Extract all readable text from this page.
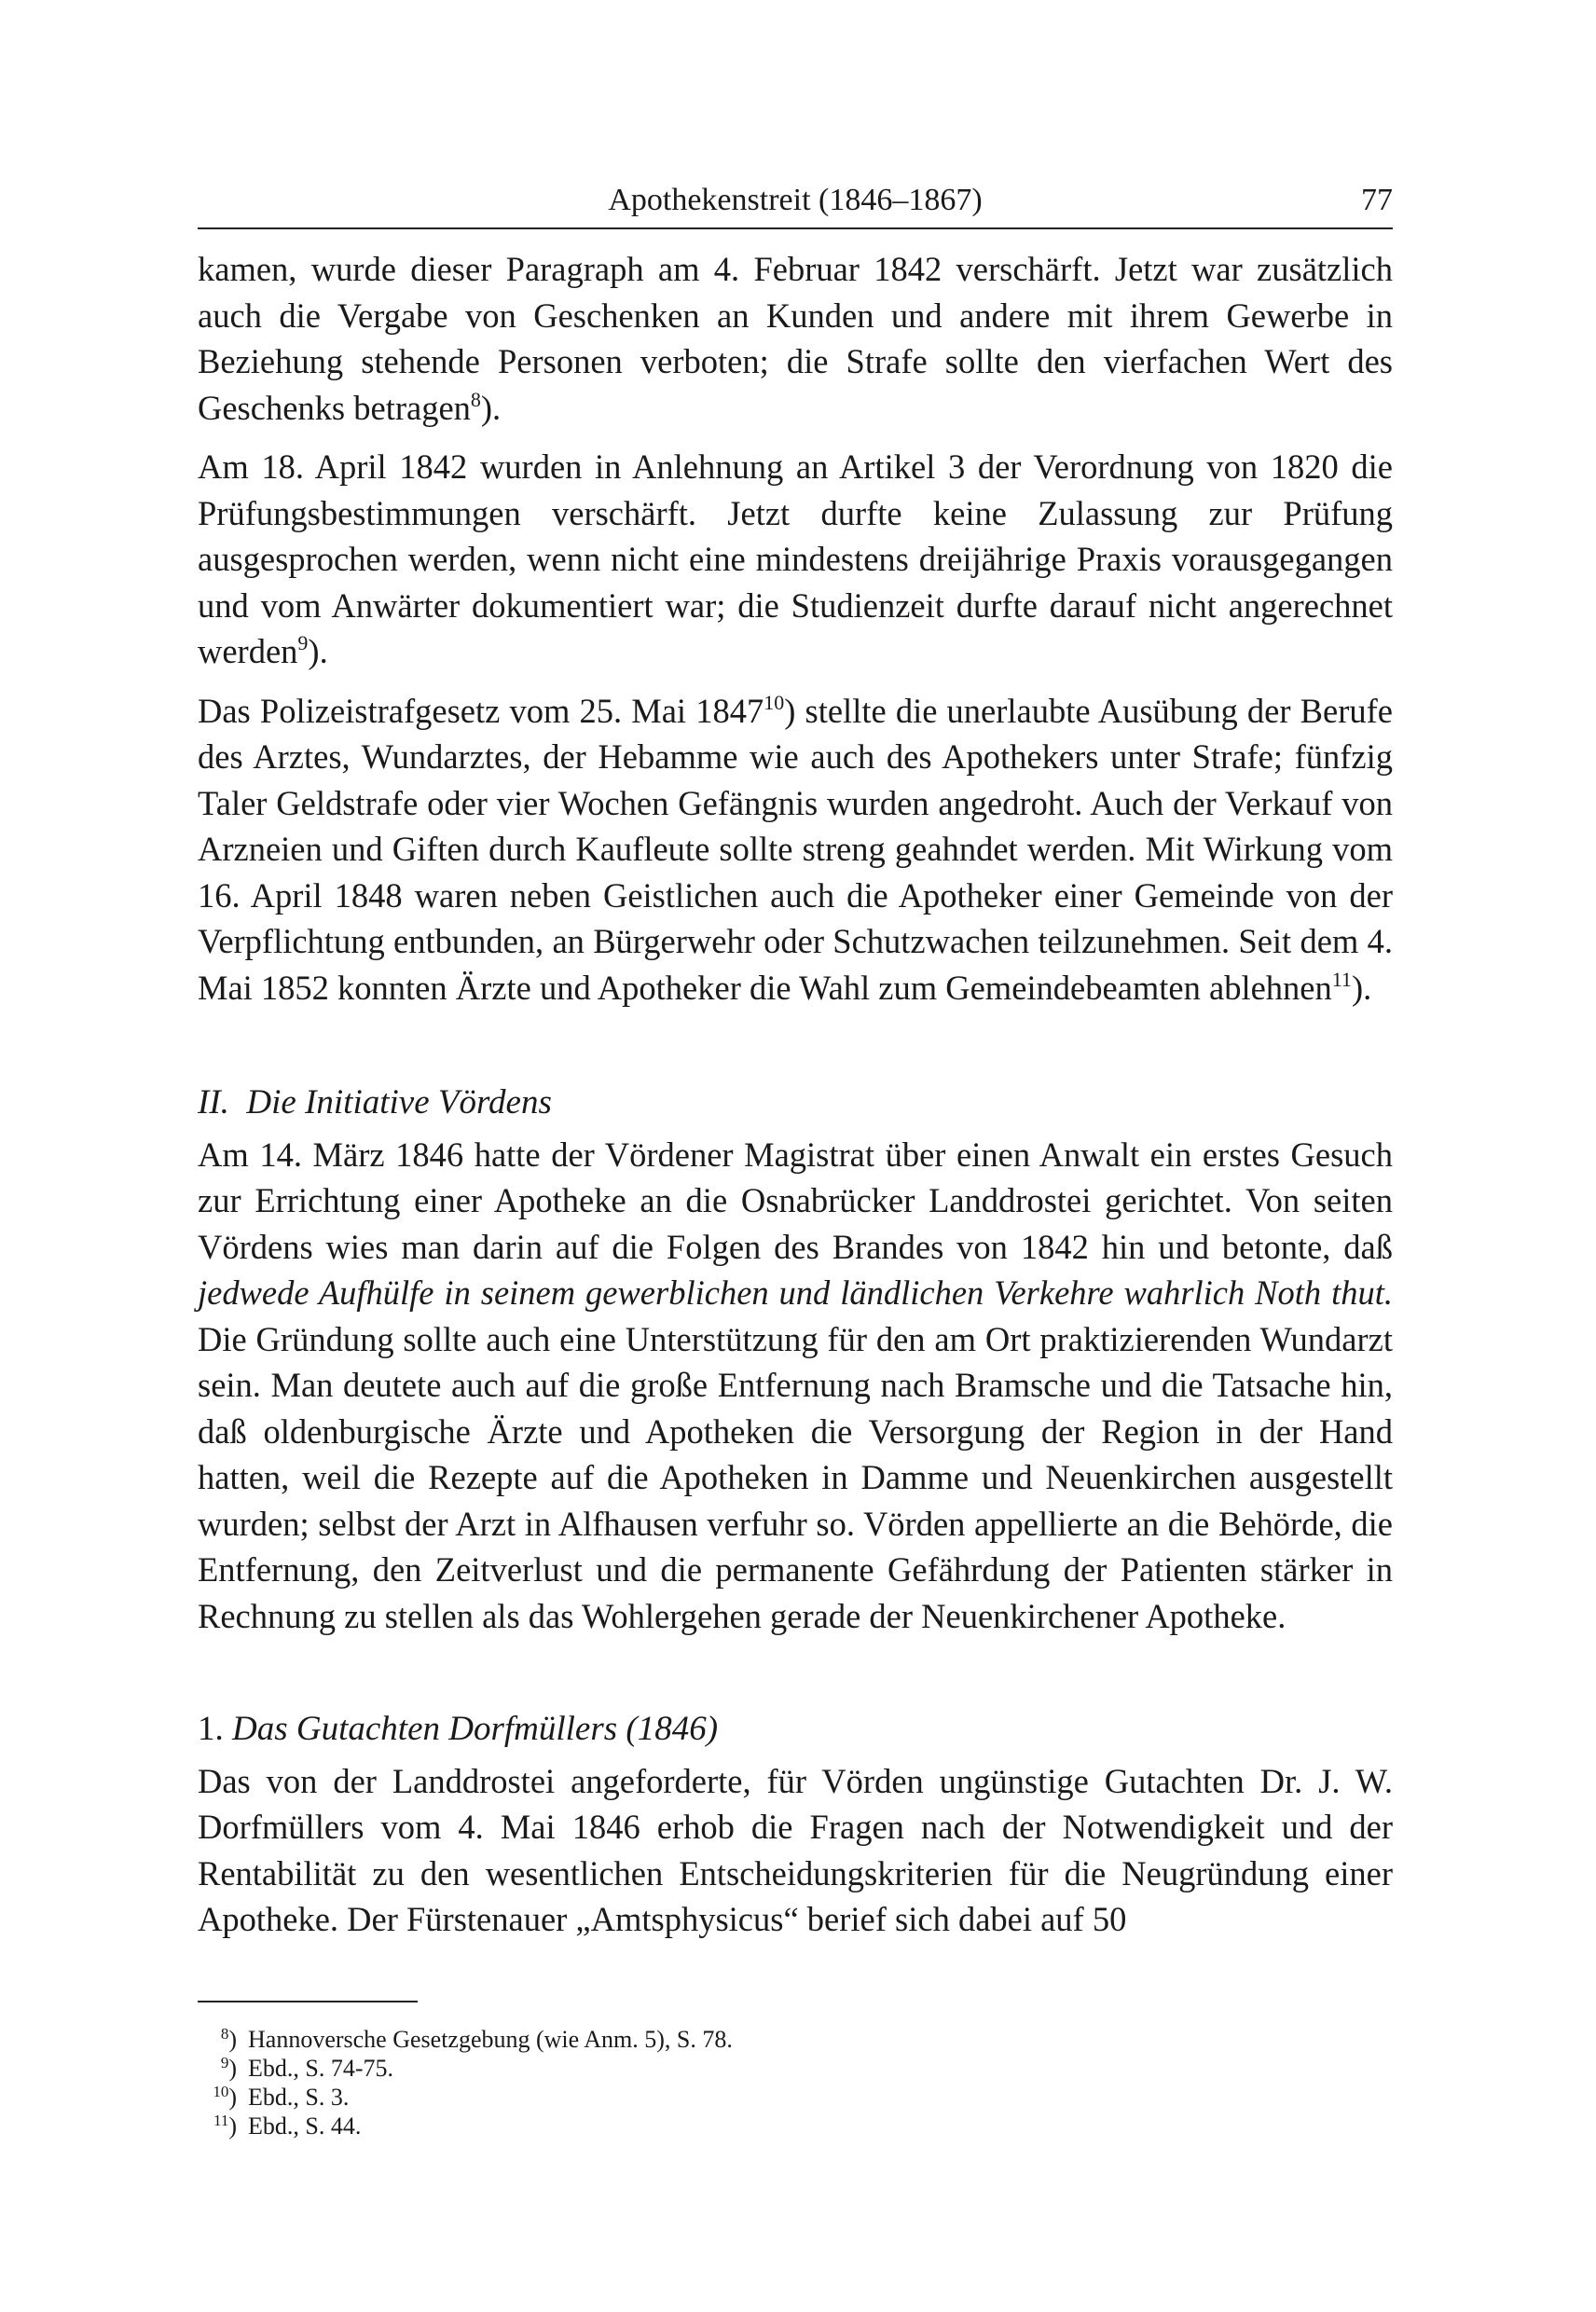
Apothekenstreit (1846–1867)	77

kamen, wurde dieser Paragraph am 4. Februar 1842 verschärft. Jetzt war zusätzlich auch die Vergabe von Geschenken an Kunden und andere mit ihrem Gewerbe in Beziehung stehende Personen verboten; die Strafe sollte den vierfachen Wert des Geschenks betragen$^8$).

Am 18. April 1842 wurden in Anlehnung an Artikel 3 der Verordnung von 1820 die Prüfungsbestimmungen verschärft. Jetzt durfte keine Zulassung zur Prüfung ausgesprochen werden, wenn nicht eine mindestens dreijährige Praxis vorausgegangen und vom Anwärter dokumentiert war; die Studienzeit durfte darauf nicht angerechnet werden$^9$).

Das Polizeistrafgesetz vom 25. Mai 1847$^{10}$) stellte die unerlaubte Ausübung der Berufe des Arztes, Wundarztes, der Hebamme wie auch des Apothekers unter Strafe; fünfzig Taler Geldstrafe oder vier Wochen Gefängnis wurden angedroht. Auch der Verkauf von Arzneien und Giften durch Kaufleute sollte streng geahndet werden. Mit Wirkung vom 16. April 1848 waren neben Geistlichen auch die Apotheker einer Gemeinde von der Verpflichtung entbunden, an Bürgerwehr oder Schutzwachen teilzunehmen. Seit dem 4. Mai 1852 konnten Ärzte und Apotheker die Wahl zum Gemeindebeamten ablehnen$^{11}$).

II. Die Initiative Vördens

Am 14. März 1846 hatte der Vördener Magistrat über einen Anwalt ein erstes Gesuch zur Errichtung einer Apotheke an die Osnabrücker Landdrostei gerichtet. Von seiten Vördens wies man darin auf die Folgen des Brandes von 1842 hin und betonte, daß jedwede Aufhülfe in seinem gewerblichen und ländlichen Verkehre wahrlich Noth thut. Die Gründung sollte auch eine Unterstützung für den am Ort praktizierenden Wundarzt sein. Man deutete auch auf die große Entfernung nach Bramsche und die Tatsache hin, daß oldenburgische Ärzte und Apotheken die Versorgung der Region in der Hand hatten, weil die Rezepte auf die Apotheken in Damme und Neuenkirchen ausgestellt wurden; selbst der Arzt in Alfhausen verfuhr so. Vörden appellierte an die Behörde, die Entfernung, den Zeitverlust und die permanente Gefährdung der Patienten stärker in Rechnung zu stellen als das Wohlergehen gerade der Neuenkirchener Apotheke.

1. Das Gutachten Dorfmüllers (1846)

Das von der Landdrostei angeforderte, für Vörden ungünstige Gutachten Dr. J. W. Dorfmüllers vom 4. Mai 1846 erhob die Fragen nach der Notwendigkeit und der Rentabilität zu den wesentlichen Entscheidungskriterien für die Neugründung einer Apotheke. Der Fürstenauer „Amtsphysicus“ berief sich dabei auf 50

$^8$) Hannoversche Gesetzgebung (wie Anm. 5), S. 78.
$^9$) Ebd., S. 74-75.
$^{10}$) Ebd., S. 3.
$^{11}$) Ebd., S. 44.
